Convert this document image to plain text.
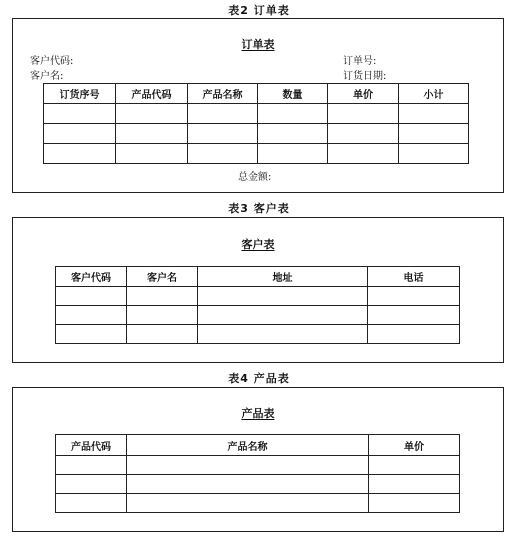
表2 订单表
订单表
客户代码:
客户名:
订单号:
订货日期:
订货序号	产品代码	产品名称	数量	单价	小计

总金额:
表3 客户表
客户表
客户代码	客户名	地址	电话

表4 产品表
产品表
产品代码	产品名称	单价
